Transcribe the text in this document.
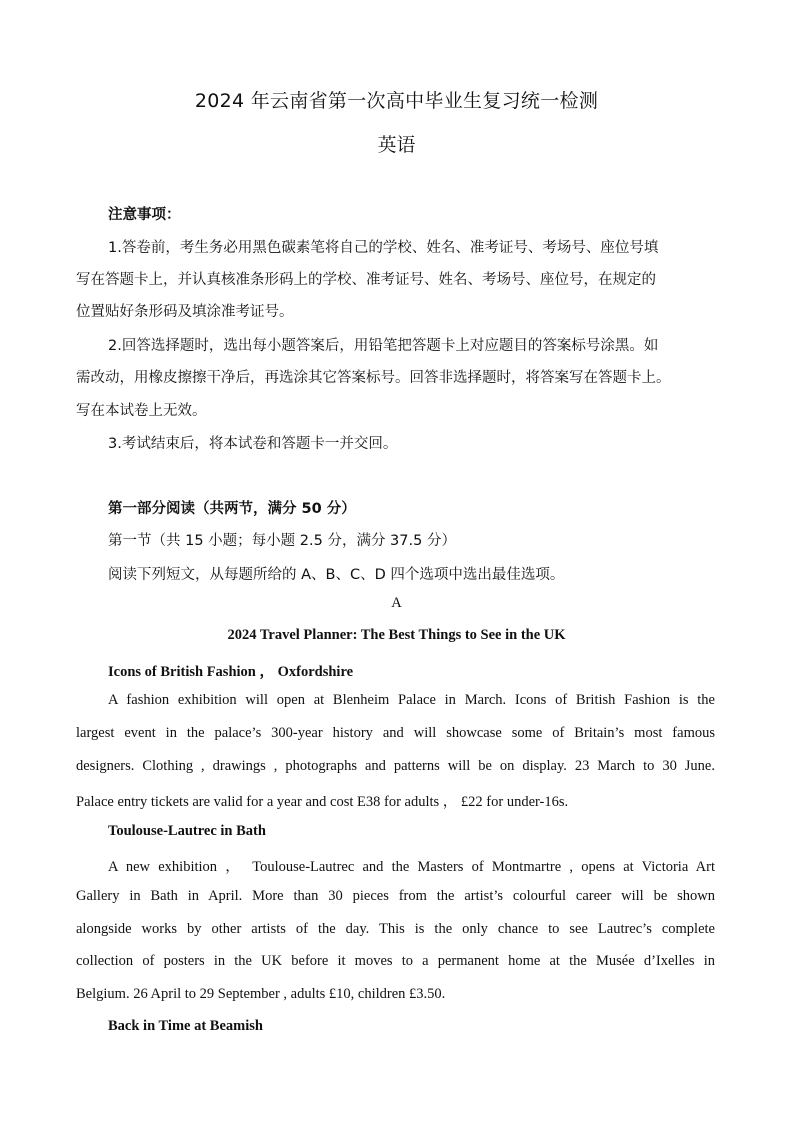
2024 年云南省第一次高中毕业生复习统一检测
英语
注意事项：
1.答卷前，考生务必用黑色碳素笔将自己的学校、姓名、准考证号、考场号、座位号填
写在答题卡上，并认真核准条形码上的学校、准考证号、姓名、考场号、座位号，在规定的
位置贴好条形码及填涂准考证号。
2.回答选择题时，选出每小题答案后，用铅笔把答题卡上对应题目的答案标号涂黑。如
需改动，用橡皮擦擦干净后，再选涂其它答案标号。回答非选择题时，将答案写在答题卡上。
写在本试卷上无效。
3.考试结束后，将本试卷和答题卡一并交回。
第一部分阅读（共两节，满分 50 分）
第一节（共 15 小题；每小题 2.5 分，满分 37.5 分）
阅读下列短文，从每题所给的 A、B、C、D 四个选项中选出最佳选项。
A
2024 Travel Planner: The Best Things to See in the UK
Icons of British Fashion ， Oxfordshire
A fashion exhibition will open at Blenheim Palace in March. Icons of British Fashion is the
largest event in the palace’s 300-year history and will showcase some of Britain’s most famous
designers. Clothing , drawings , photographs and patterns will be on display. 23 March to 30 June.
Palace entry tickets are valid for a year and cost E38 for adults ， £22 for under-16s.
Toulouse-Lautrec in Bath
A new exhibition ， Toulouse-Lautrec and the Masters of Montmartre , opens at Victoria Art
Gallery in Bath in April. More than 30 pieces from the artist’s colourful career will be shown
alongside works by other artists of the day. This is the only chance to see Lautrec’s complete
collection of posters in the UK before it moves to a permanent home at the Musée d’Ixelles in
Belgium. 26 April to 29 September , adults £10, children £3.50.
Back in Time at Beamish
